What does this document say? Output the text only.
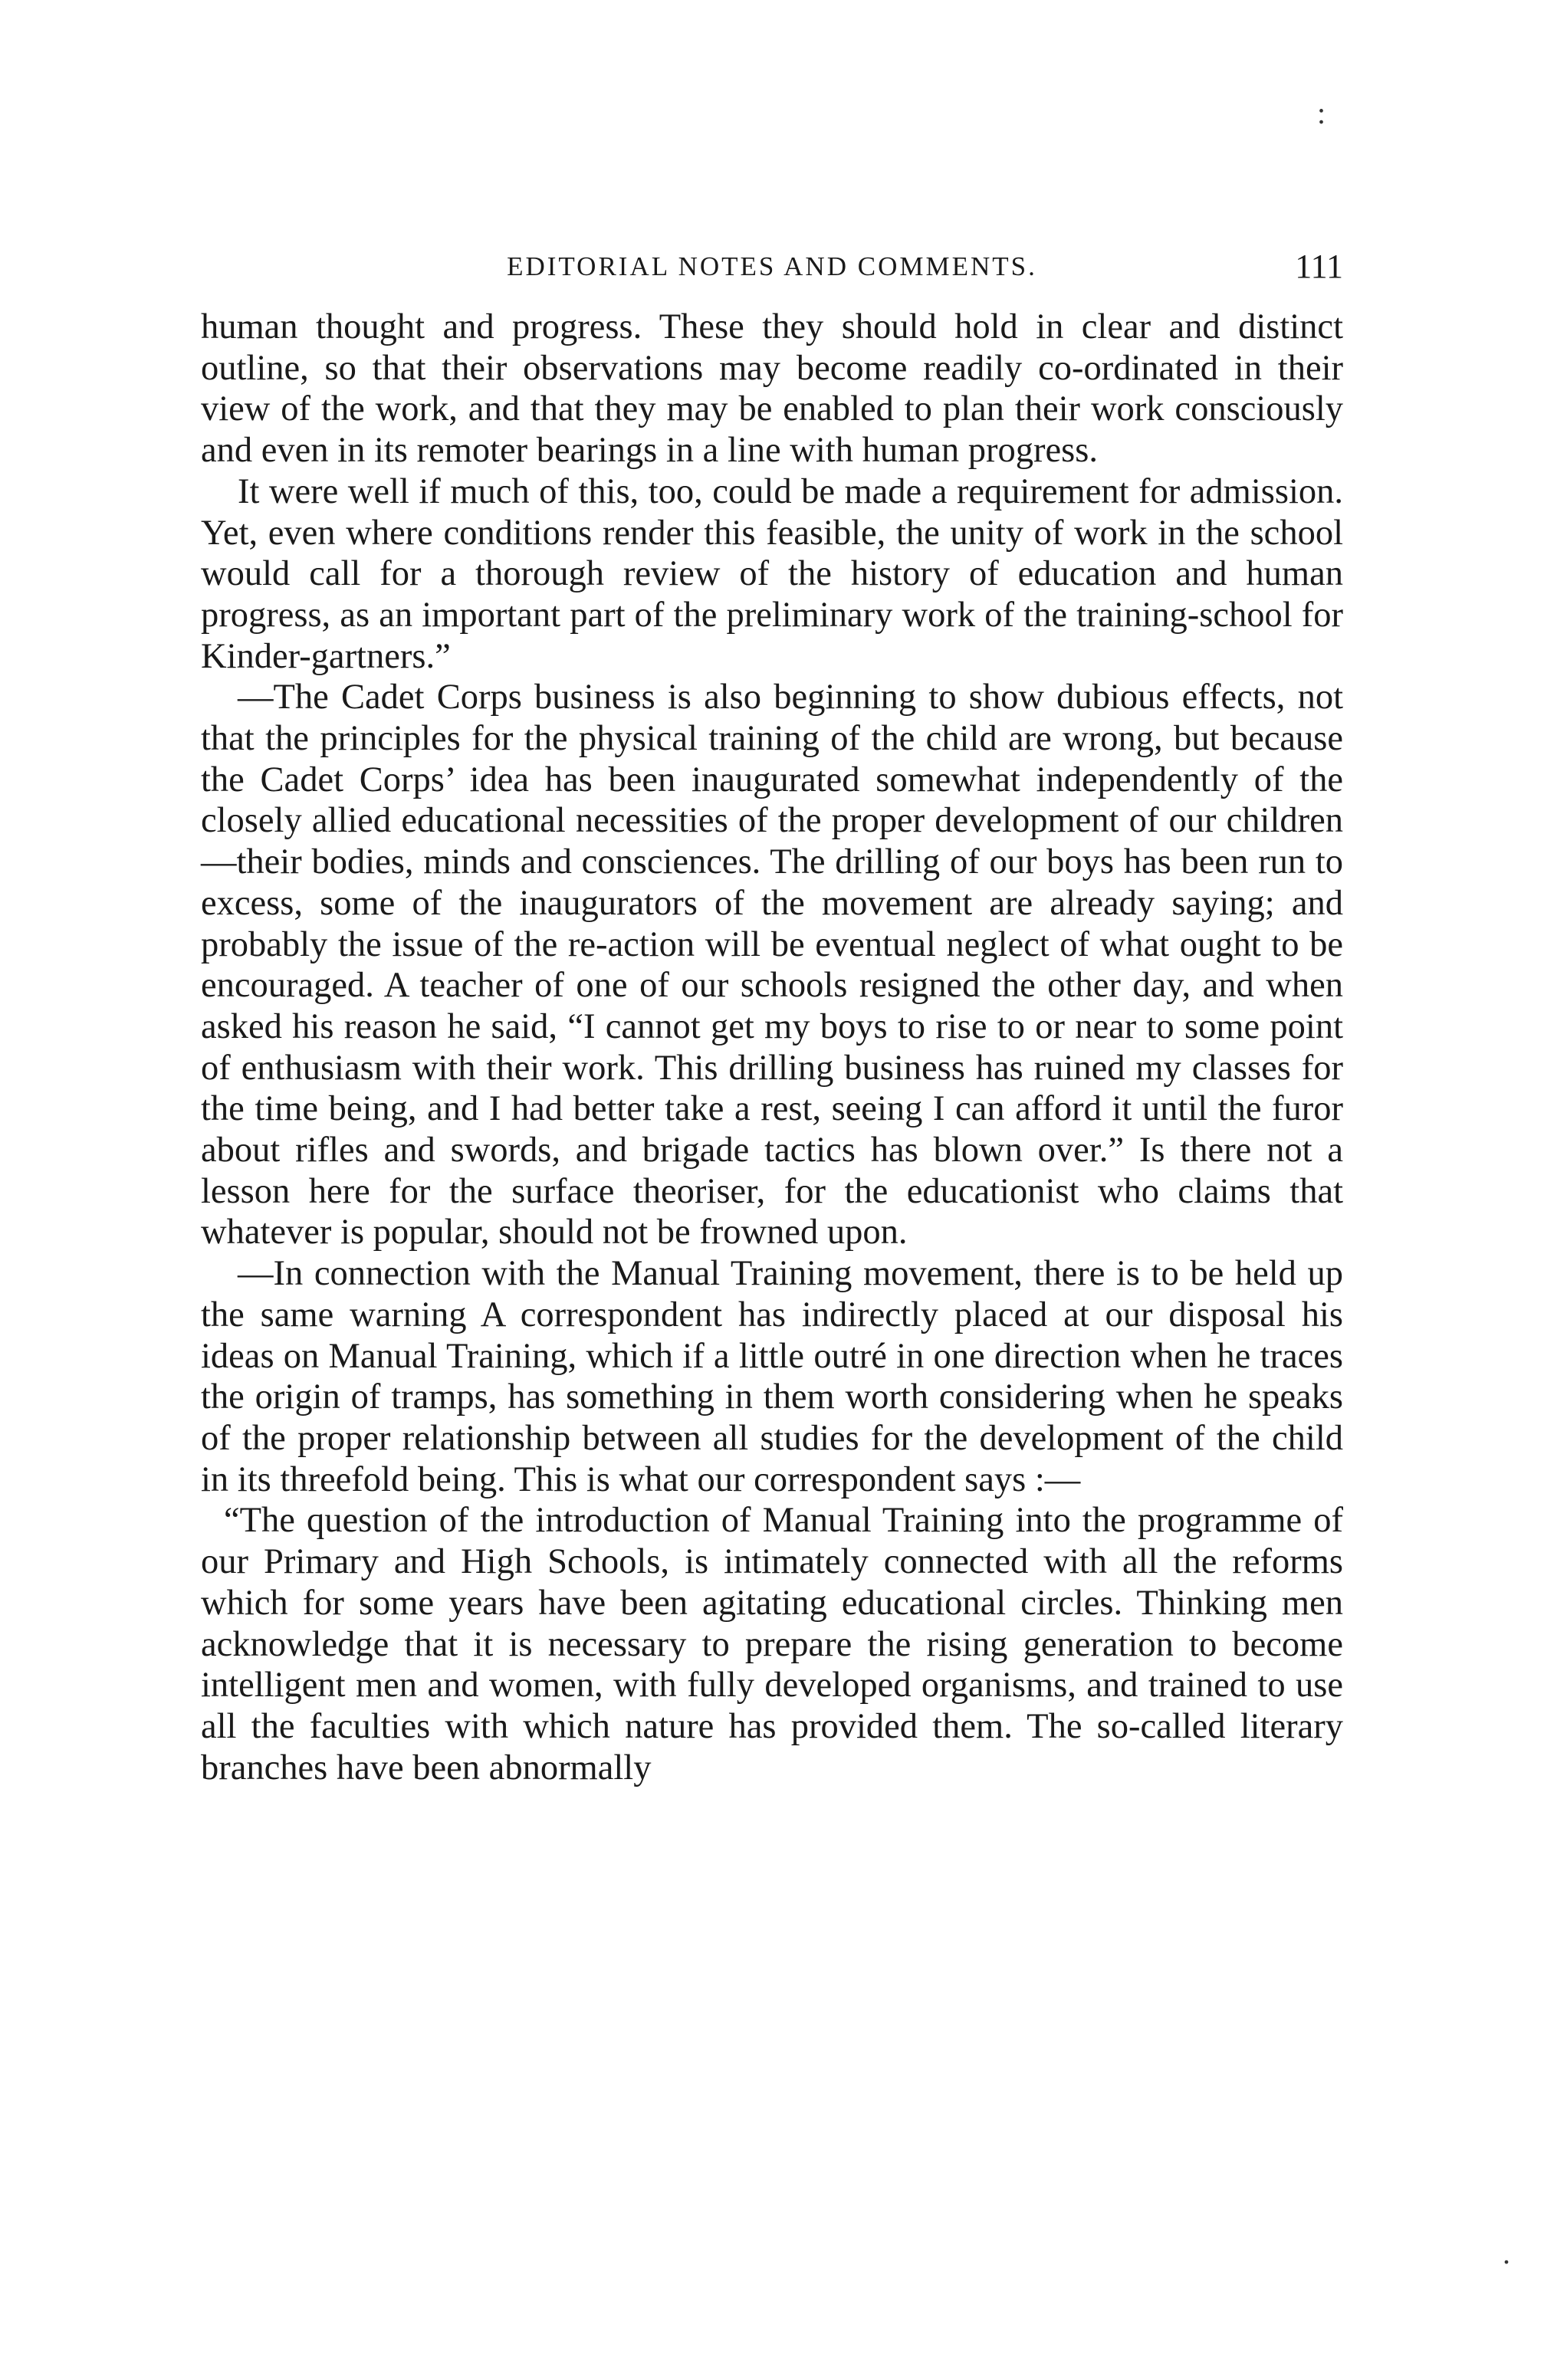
EDITORIAL NOTES AND COMMENTS.	111

human thought and progress. These they should hold in clear and distinct outline, so that their observations may become readily co-ordinated in their view of the work, and that they may be enabled to plan their work consciously and even in its remoter bearings in a line with human progress.

It were well if much of this, too, could be made a requirement for admission. Yet, even where conditions render this feasible, the unity of work in the school would call for a thorough review of the history of education and human progress, as an important part of the preliminary work of the training-school for Kinder-gartners.”

—The Cadet Corps business is also beginning to show dubious effects, not that the principles for the physical training of the child are wrong, but because the Cadet Corps’ idea has been inaugurated somewhat independently of the closely allied educational necessities of the proper development of our children —their bodies, minds and consciences. The drilling of our boys has been run to excess, some of the inaugurators of the movement are already saying; and probably the issue of the re-action will be eventual neglect of what ought to be encouraged. A teacher of one of our schools resigned the other day, and when asked his reason he said, “I cannot get my boys to rise to or near to some point of enthusiasm with their work. This drilling business has ruined my classes for the time being, and I had better take a rest, seeing I can afford it until the furor about rifles and swords, and brigade tactics has blown over.” Is there not a lesson here for the surface theoriser, for the educationist who claims that whatever is popular, should not be frowned upon.

—In connection with the Manual Training movement, there is to be held up the same warning A correspondent has indirectly placed at our disposal his ideas on Manual Training, which if a little outré in one direction when he traces the origin of tramps, has something in them worth considering when he speaks of the proper relationship between all studies for the development of the child in its threefold being. This is what our correspondent says :—

“The question of the introduction of Manual Training into the programme of our Primary and High Schools, is intimately connected with all the reforms which for some years have been agitating educational circles. Thinking men acknowledge that it is necessary to prepare the rising generation to become intelligent men and women, with fully developed organisms, and trained to use all the faculties with which nature has provided them. The so-called literary branches have been abnormally

:
.
